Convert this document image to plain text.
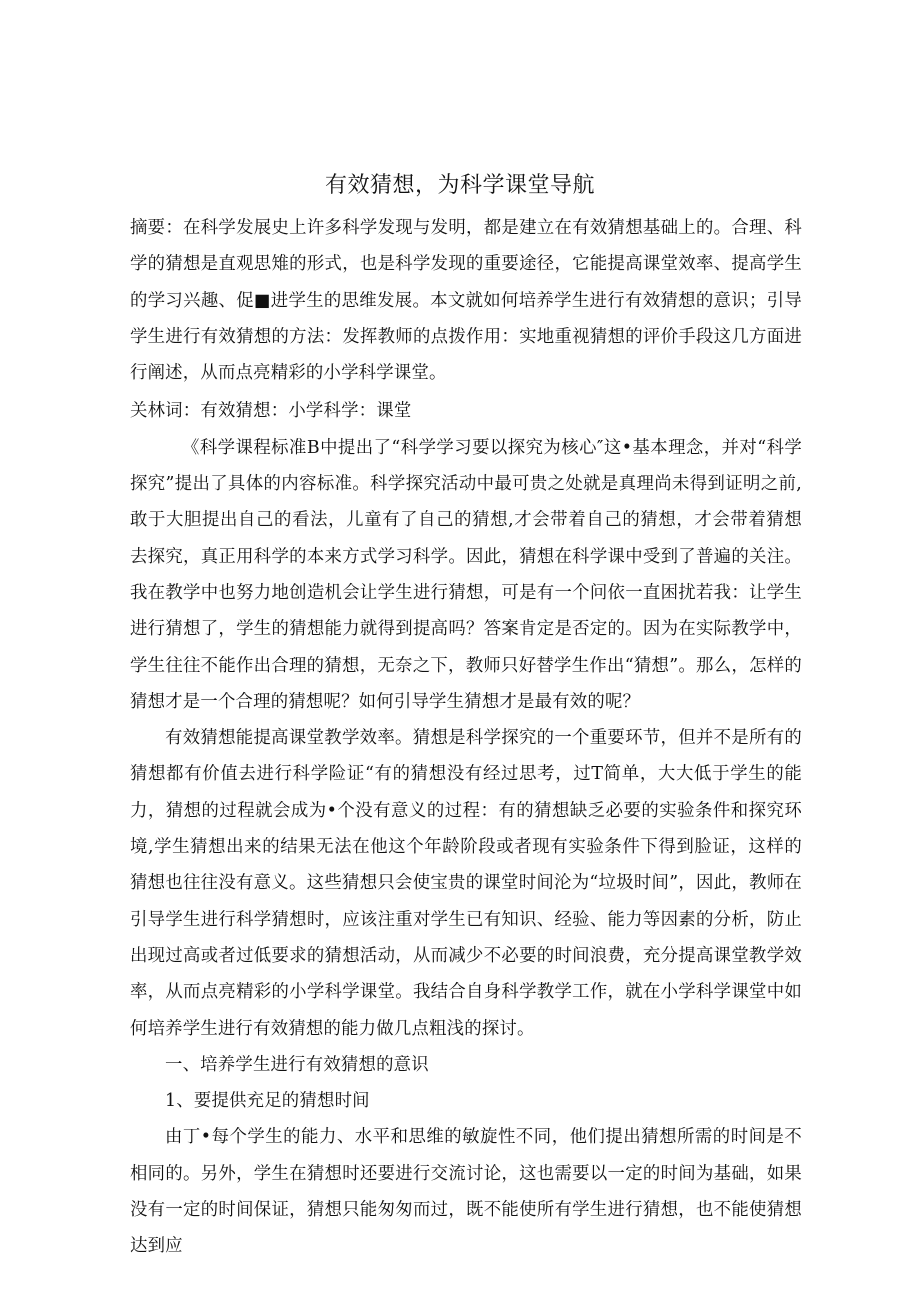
有效猜想，为科学课堂导航

摘要：在科学发展史上许多科学发现与发明，都是建立在有效猜想基础上的。合理、科学的猜想是直观思雉的形式，也是科学发现的重要途径，它能提高课堂效率、提高学生的学习兴趣、促■进学生的思维发展。本文就如何培养学生进行有效猜想的意识；引导学生进行有效猜想的方法：发挥教师的点拨作用：实地重视猜想的评价手段这几方面进行阐述，从而点亮精彩的小学科学课堂。

关林词：有效猜想：小学科学：课堂

《科学课程标准B中提出了“科学学习要以探究为核心″这•基本理念，并对“科学探究”提出了具体的内容标准。科学探究活动中最可贵之处就是真理尚未得到证明之前,敢于大胆提出自己的看法，儿童有了自己的猜想,才会带着自己的猜想，才会带着猜想去探究，真正用科学的本来方式学习科学。因此，猜想在科学课中受到了普遍的关注。我在教学中也努力地创造机会让学生进行猜想，可是有一个问依一直困扰若我：让学生进行猜想了，学生的猜想能力就得到提高吗？答案肯定是否定的。因为在实际教学中，学生往往不能作出合理的猜想，无奈之下，教师只好替学生作出“猜想”。那么，怎样的猜想才是一个合理的猜想呢？如何引导学生猜想才是最有效的呢？

有效猜想能提高课堂教学效率。猜想是科学探究的一个重要环节，但并不是所有的猜想都有价值去进行科学险证“有的猜想没有经过思考，过T简单，大大低于学生的能力，猜想的过程就会成为•个没有意义的过程：有的猜想缺乏必要的实验条件和探究环境,学生猜想出来的结果无法在他这个年龄阶段或者现有实验条件下得到脸证，这样的猜想也往往没有意义。这些猜想只会使宝贵的课堂时间沦为“垃圾时间”，因此，教师在引导学生进行科学猜想时，应该注重对学生已有知识、经验、能力等因素的分析，防止出现过高或者过低要求的猜想活动，从而减少不必要的时间浪费，充分提高课堂教学效率，从而点亮精彩的小学科学课堂。我结合自身科学教学工作，就在小学科学课堂中如何培养学生进行有效猜想的能力做几点粗浅的探讨。

一、培养学生进行有效猜想的意识

1、要提供充足的猜想时间

由丁•每个学生的能力、水平和思维的敏旋性不同，他们提出猜想所需的时间是不相同的。另外，学生在猜想时还要进行交流讨论，这也需要以一定的时间为基础，如果没有一定的时间保证，猜想只能匆匆而过，既不能使所有学生进行猜想，也不能使猜想达到应
